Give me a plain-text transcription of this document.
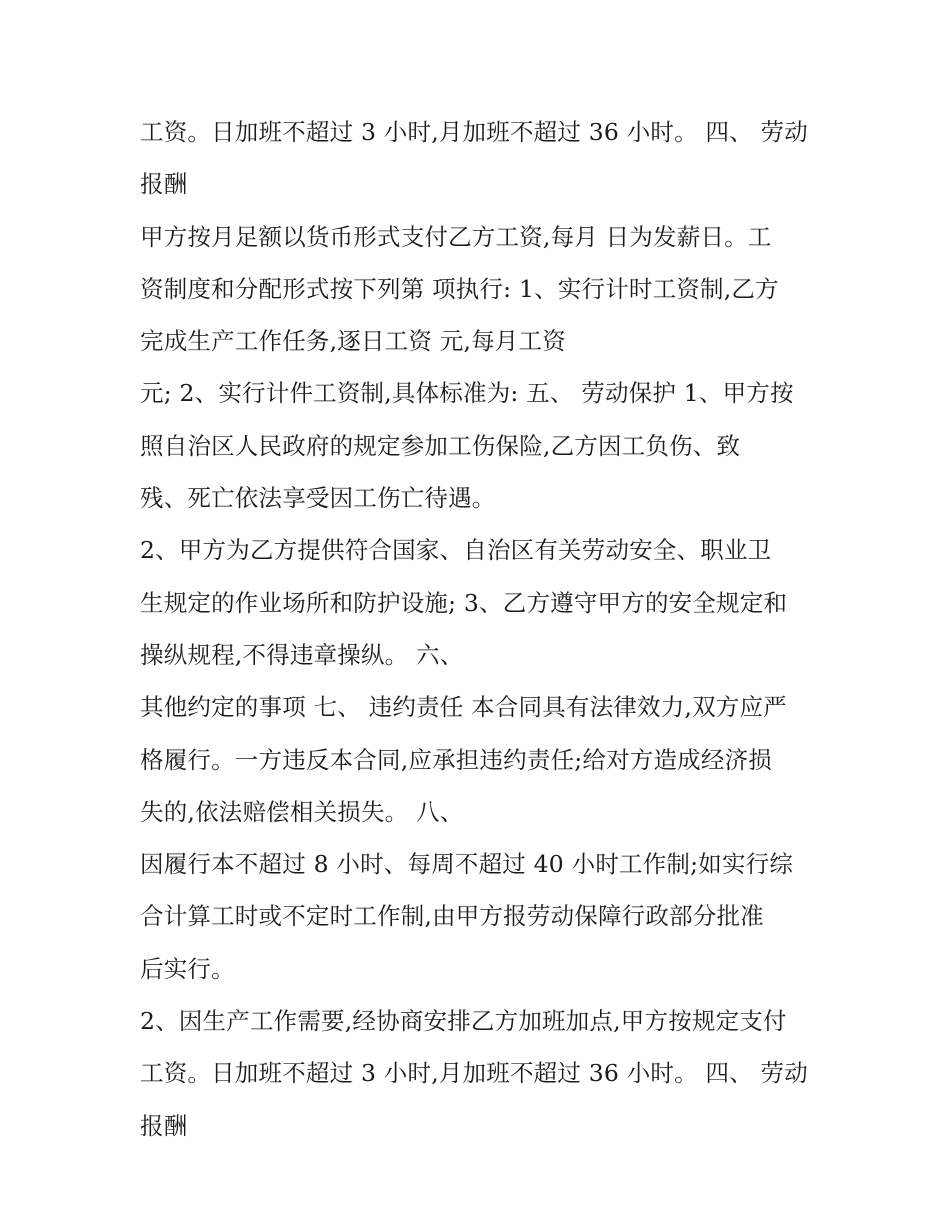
工资。日加班不超过 3 小时,月加班不超过 36 小时。 四、 劳动
报酬
甲方按月足额以货币形式支付乙方工资,每月 日为发薪日。工
资制度和分配形式按下列第 项执行: 1、实行计时工资制,乙方
完成生产工作任务,逐日工资 元,每月工资
元; 2、实行计件工资制,具体标准为: 五、 劳动保护 1、甲方按
照自治区人民政府的规定参加工伤保险,乙方因工负伤、致
残、死亡依法享受因工伤亡待遇。
2、甲方为乙方提供符合国家、自治区有关劳动安全、职业卫
生规定的作业场所和防护设施; 3、乙方遵守甲方的安全规定和
操纵规程,不得违章操纵。 六、
其他约定的事项 七、 违约责任 本合同具有法律效力,双方应严
格履行。一方违反本合同,应承担违约责任;给对方造成经济损
失的,依法赔偿相关损失。 八、
因履行本不超过 8 小时、每周不超过 40 小时工作制;如实行综
合计算工时或不定时工作制,由甲方报劳动保障行政部分批准
后实行。
2、因生产工作需要,经协商安排乙方加班加点,甲方按规定支付
工资。日加班不超过 3 小时,月加班不超过 36 小时。 四、 劳动
报酬
